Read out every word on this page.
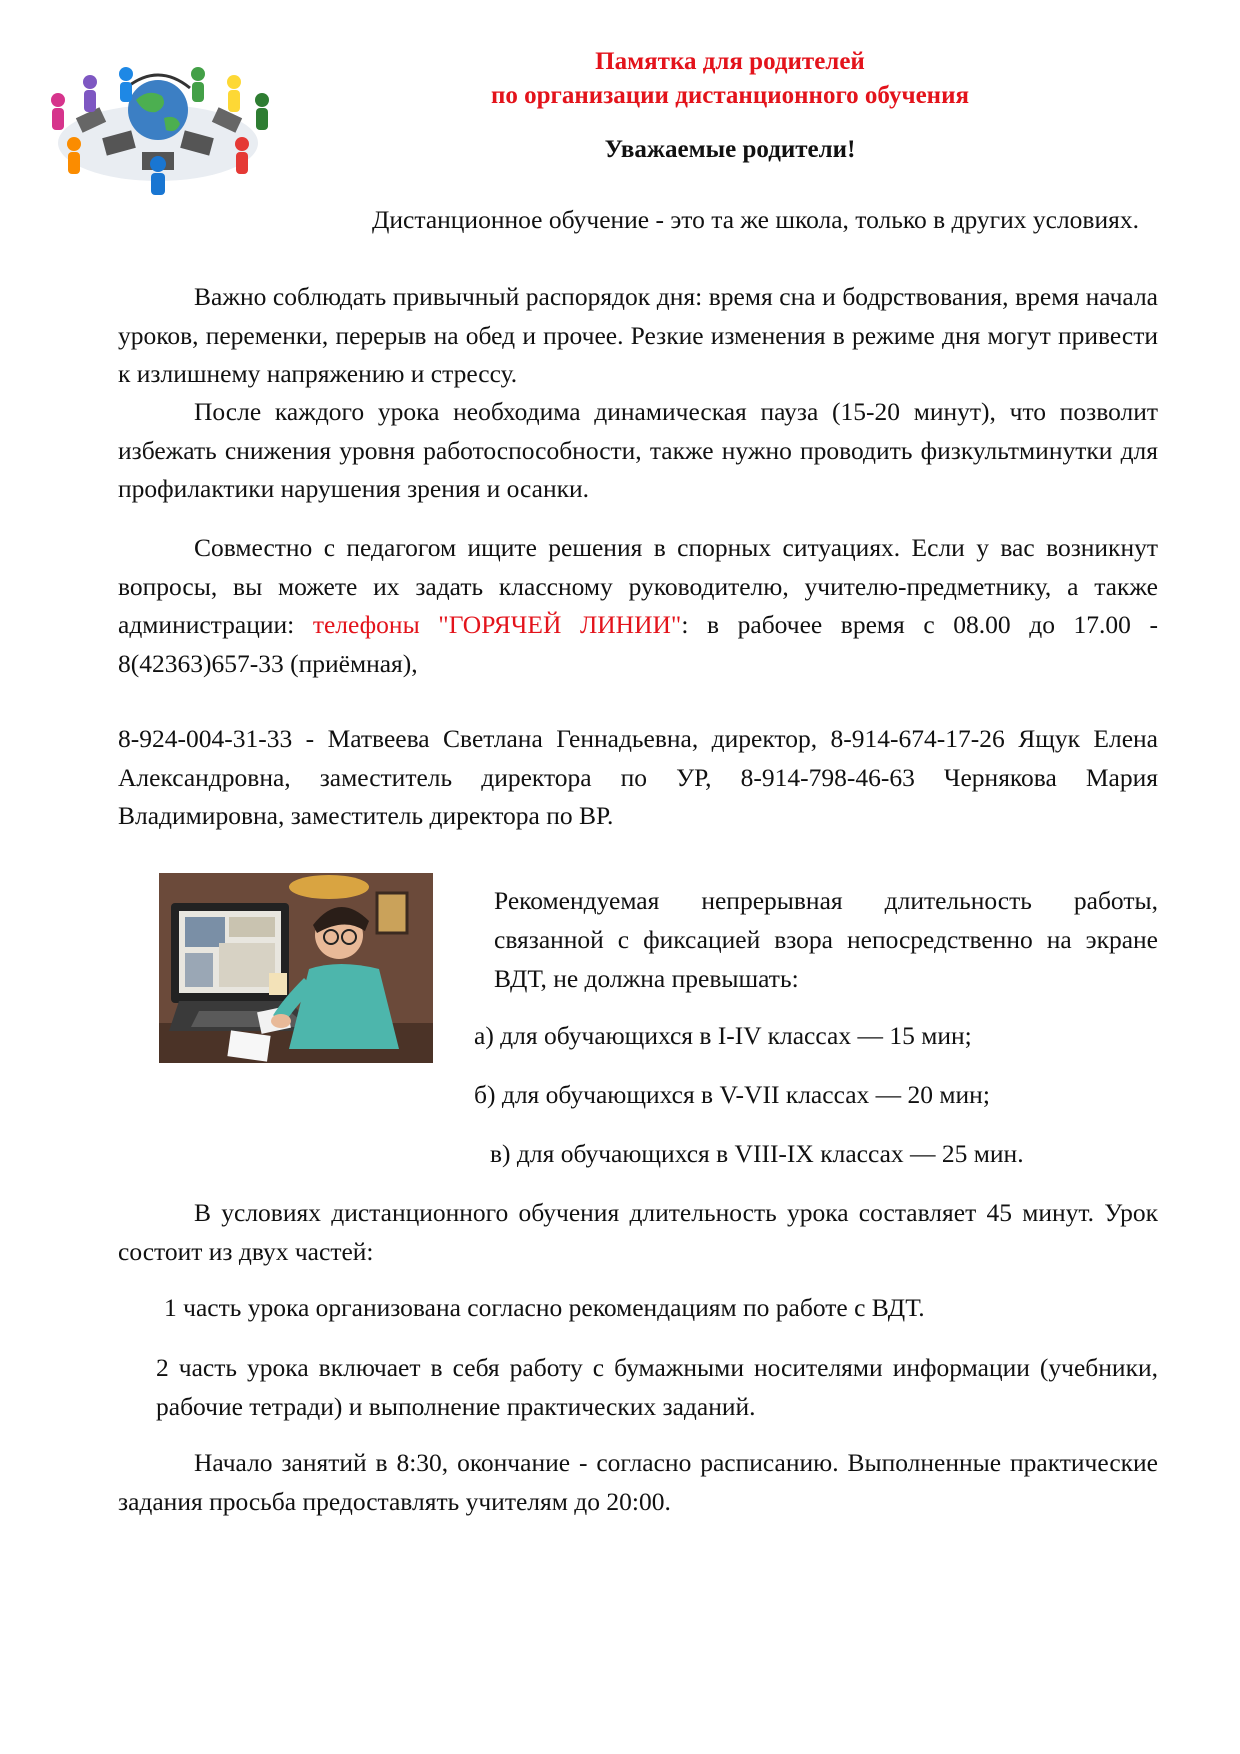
Памятка для родителей
по организации дистанционного обучения
Уважаемые родители!
Дистанционное обучение - это та же школа, только в других условиях.
Важно соблюдать привычный распорядок дня: время сна и бодрствования, время начала уроков, переменки, перерыв на обед и прочее. Резкие изменения в режиме дня могут привести к излишнему напряжению и стрессу.
После каждого урока необходима динамическая пауза (15-20 минут), что позволит избежать снижения уровня работоспособности, также нужно проводить физкультминутки для профилактики нарушения зрения и осанки.
Совместно с педагогом ищите решения в спорных ситуациях. Если у вас возникнут вопросы, вы можете их задать классному руководителю, учителю-предметнику, а также администрации: телефоны "ГОРЯЧЕЙ ЛИНИИ": в рабочее время с 08.00 до 17.00 - 8(42363)657-33 (приёмная),
8-924-004-31-33 - Матвеева Светлана Геннадьевна, директор, 8-914-674-17-26 Ящук Елена Александровна, заместитель директора по УР, 8-914-798-46-63 Чернякова Мария Владимировна, заместитель директора по ВР.
Рекомендуемая непрерывная длительность работы, связанной с фиксацией взора непосредственно на экране ВДТ, не должна превышать:
а) для обучающихся в I-IV классах — 15 мин;
б) для обучающихся в V-VII классах — 20 мин;
в) для обучающихся в VIII-IX классах — 25 мин.
В условиях дистанционного обучения длительность урока составляет 45 минут. Урок состоит из двух частей:
1 часть урока организована согласно рекомендациям по работе с ВДТ.
2 часть урока включает в себя работу с бумажными носителями информации (учебники, рабочие тетради) и выполнение практических заданий.
Начало занятий в 8:30, окончание - согласно расписанию. Выполненные практические задания просьба предоставлять учителям до 20:00.
